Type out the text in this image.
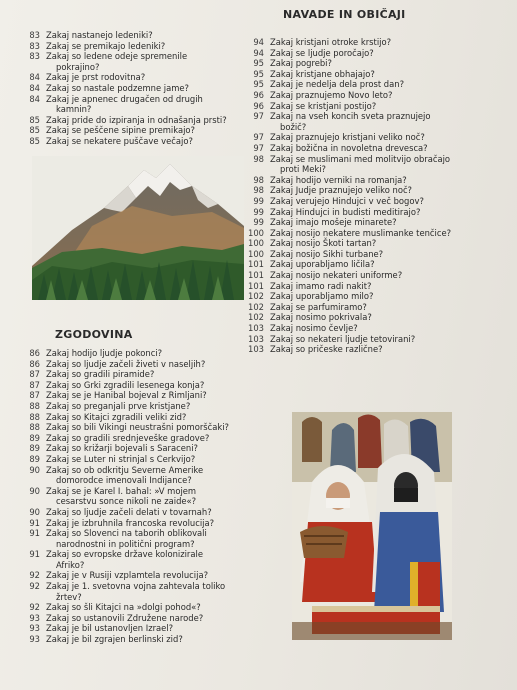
NAVADE IN OBIČAJI
83 Zakaj nastanejo ledeniki?
83 Zakaj se premikajo ledeniki?
83 Zakaj so ledene odeje spremenile
pokrajino?
84 Zakaj je prst rodovitna?
84 Zakaj so nastale podzemne jame?
84 Zakaj je apnenec drugačen od drugih
kamnin?
85 Zakaj pride do izpiranja in odnašanja prsti?
85 Zakaj se peščene sipine premikajo?
85 Zakaj se nekatere puščave večajo?
94 Zakaj kristjani otroke krstijo?
94 Zakaj se ljudje poročajo?
95 Zakaj pogrebi?
95 Zakaj kristjane obhajajo?
95 Zakaj je nedelja dela prost dan?
96 Zakaj praznujemo Novo leto?
96 Zakaj se kristjani postijo?
97 Zakaj na vseh koncih sveta praznujejo
božič?
97 Zakaj praznujejo kristjani veliko noč?
97 Zakaj božična in novoletna drevesca?
98 Zakaj se muslimani med molitvijo obračajo
proti Meki?
98 Zakaj hodijo verniki na romanja?
98 Zakaj Judje praznujejo veliko noč?
99 Zakaj verujejo Hindujci v več bogov?
99 Zakaj Hindujci in budisti meditirajo?
99 Zakaj imajo mošeje minarete?
100 Zakaj nosijo nekatere muslimanke tenčice?
100 Zakaj nosijo Škoti tartan?
100 Zakaj nosijo Sikhi turbane?
101 Zakaj uporabljamo ličila?
101 Zakaj nosijo nekateri uniforme?
101 Zakaj imamo radi nakit?
102 Zakaj uporabljamo milo?
102 Zakaj se parfumiramo?
102 Zakaj nosimo pokrivala?
103 Zakaj nosimo čevlje?
103 Zakaj so nekateri ljudje tetovirani?
103 Zakaj so pričeske različne?
ZGODOVINA
86 Zakaj hodijo ljudje pokonci?
86 Zakaj so ljudje začeli živeti v naseljih?
87 Zakaj so gradili piramide?
87 Zakaj so Grki zgradili lesenega konja?
87 Zakaj se je Hanibal bojeval z Rimljani?
88 Zakaj so preganjali prve kristjane?
88 Zakaj so Kitajci zgradili veliki zid?
88 Zakaj so bili Vikingi neustrašni pomorščaki?
89 Zakaj so gradili srednjeveške gradove?
89 Zakaj so križarji bojevali s Saraceni?
89 Zakaj se Luter ni strinjal s Cerkvijo?
90 Zakaj so ob odkritju Severne Amerike
domorodce imenovali Indijance?
90 Zakaj se je Karel I. bahal: »V mojem
cesarstvu sonce nikoli ne zaide«?
90 Zakaj so ljudje začeli delati v tovarnah?
91 Zakaj je izbruhnila francoska revolucija?
91 Zakaj so Slovenci na taborih oblikovali
narodnostni in politični program?
91 Zakaj so evropske države kolonizirale
Afriko?
92 Zakaj je v Rusiji vzplamtela revolucija?
92 Zakaj je 1. svetovna vojna zahtevala toliko
žrtev?
92 Zakaj so šli Kitajci na »dolgi pohod«?
93 Zakaj so ustanovili Združene narode?
93 Zakaj je bil ustanovljen Izrael?
93 Zakaj je bil zgrajen berlinski zid?
